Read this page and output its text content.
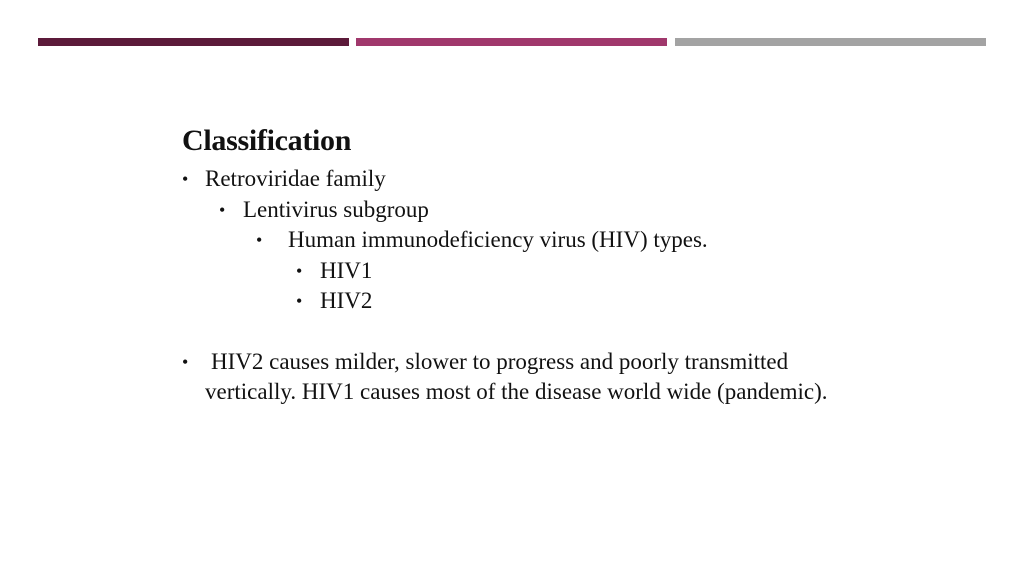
Classification
• Retroviridae family
• Lentivirus subgroup
• Human immunodeficiency virus (HIV) types.
• HIV1
• HIV2
• HIV2 causes milder, slower to progress and poorly transmitted vertically. HIV1 causes most of the disease world wide (pandemic).
